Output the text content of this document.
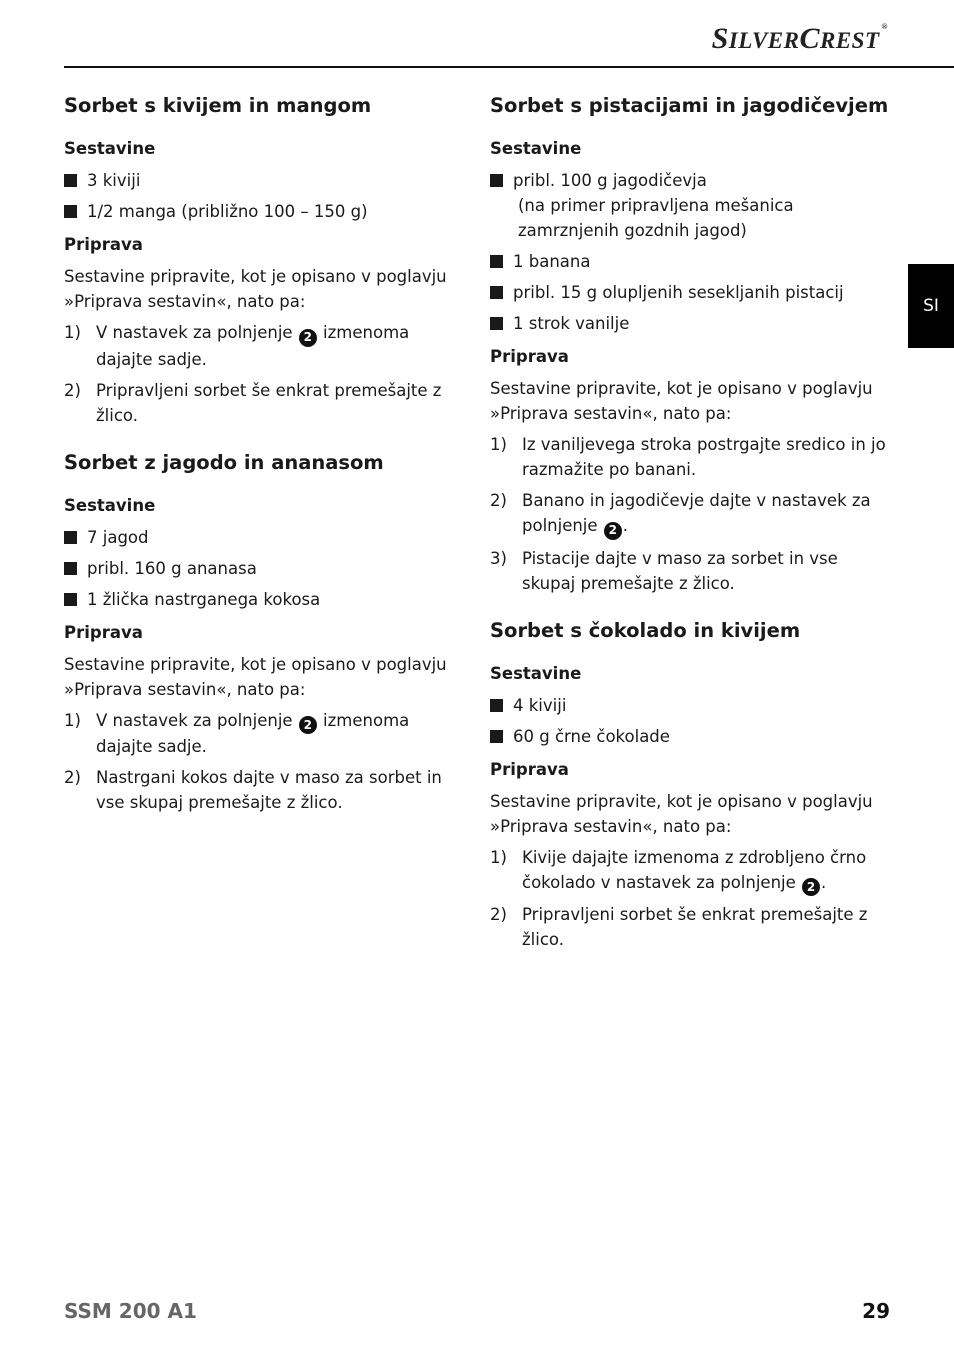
SILVERCREST®
SI
Sorbet s kivijem in mangom
Sestavine
3 kiviji
1/2 manga (približno 100 – 150 g)
Priprava

Sestavine pripravite, kot je opisano v poglavju »Priprava sestavin«, nato pa:

1) V nastavek za polnjenje 2 izmenoma dajajte sadje.
2) Pripravljeni sorbet še enkrat premešajte z žlico.
Sorbet z jagodo in ananasom
Sestavine
7 jagod
pribl. 160 g ananasa
1 žlička nastrganega kokosa
Priprava

Sestavine pripravite, kot je opisano v poglavju »Priprava sestavin«, nato pa:

1) V nastavek za polnjenje 2 izmenoma dajajte sadje.
2) Nastrgani kokos dajte v maso za sorbet in vse skupaj premešajte z žlico.
Sorbet s pistacijami in jagodičevjem
Sestavine
pribl. 100 g jagodičevja
(na primer pripravljena mešanica zamrznjenih gozdnih jagod)
1 banana
pribl. 15 g olupljenih sesekljanih pistacij
1 strok vanilje
Priprava

Sestavine pripravite, kot je opisano v poglavju »Priprava sestavin«, nato pa:

1) Iz vaniljevega stroka postrgajte sredico in jo razmažite po banani.
2) Banano in jagodičevje dajte v nastavek za polnjenje 2 .
3) Pistacije dajte v maso za sorbet in vse skupaj premešajte z žlico.
Sorbet s čokolado in kivijem
Sestavine
4 kiviji
60 g črne čokolade
Priprava

Sestavine pripravite, kot je opisano v poglavju »Priprava sestavin«, nato pa:

1) Kivije dajajte izmenoma z zdrobljeno črno čokolado v nastavek za polnjenje 2 .
2) Pripravljeni sorbet še enkrat premešajte z žlico.
SSM 200 A1	29
